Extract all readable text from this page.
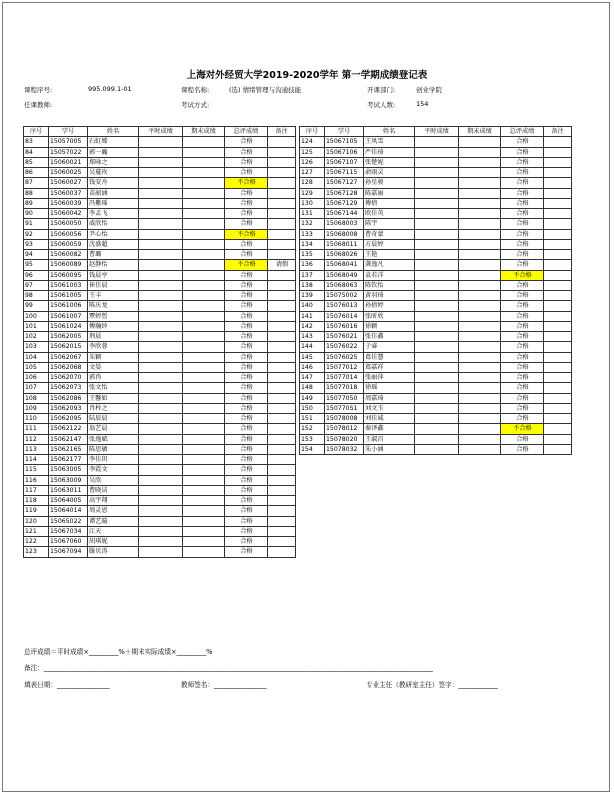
上海对外经贸大学2019-2020学年 第一学期成绩登记表
课程序号:	995.099.1-01	课程名称:	(选) 情绪管理与沟通技能	开课部门:	创业学院
任课教师:	考试方式:	考试人数:	154
序号	学号	姓名	平时成绩	期末成绩	总评成绩	备注
83	15057005	石虹嫦			合格	
84	15057022	郭一巍			合格	
85	15060021	郑咏之			合格	
86	15060025	吴蔓玫			合格	
87	15060027	钱安舟			不合格	
88	15060037	苗韶涵			合格	
89	15060039	冯紫瑶			合格	
90	15060042	李孟飞			合格	
91	15060050	戚欣怡			合格	
92	15060056	尹心怡			不合格	
93	15060059	沈盛超			合格	
94	15060082	曹璐			合格	
95	15060089	赵静怡			不合格	请假
96	15060095	钱晨亭			合格	
97	15061003	崔佳晨			合格	
98	15061005	王丰			合格	
99	15061006	陈庆龙			合格	
100	15061007	覃婷皙			合格	
101	15061024	傅瀚緈			合格	
102	15062005	荆晨			合格	
103	15062015	李欣蓉			合格	
104	15062067	朱颖			合格	
105	15062068	文晏			合格	
106	15062070	郭冉			合格	
107	15062073	张文怡			合格	
108	15062086	王馨如			合格	
109	15062093	肖梓之			合格	
110	15062095	陆辰晨			合格	
111	15062122	翁艺晨			合格	
112	15062147	张逸斌			合格	
113	15062165	陈思敏			合格	
114	15062177	李佳玥			合格	
115	15063005	李霞文			合格	
116	15063009	吴欣			合格	
117	15063011	曹晓洁			合格	
118	15064005	高宇翔			合格	
119	15064014	周灵恩			合格	
120	15065022	谭艺璇			合格	
121	15067034	江天			合格	
122	15067060	胡琪妮			合格	
123	15067094	滕贝涛			合格	
序号	学号	姓名	平时成绩	期末成绩	总评成绩	备注
124	15067105	王凤雪			合格	
125	15067106	严佳琦			合格	
126	15067107	张楚妮			合格	
127	15067115	俞雨灵			合格	
128	15067127	孙星骏			合格	
129	15067128	陈嘉丽			合格	
130	15067129	傅倩			合格	
131	15067144	欧佳英			合格	
132	15068003	陈宇			合格	
133	15068008	曹奇蒙			合格	
134	15068011	方晨婷			合格	
135	15068026	王艳			合格	
136	15068041	龚逸凡			合格	
137	15068049	袁若洋			不合格	
138	15068063	陈钦怡			合格	
139	15075002	黄羽琦			合格	
140	15076013	孙倩婷			合格	
141	15076014	张昕欣			合格	
142	15076016	徐颖			合格	
143	15076021	张佳鑫			合格	
144	15076022	于睿			合格	
145	15076025	葛佳慧			合格	
146	15077012	葛嘉祥			合格	
147	15077014	张丽萍			合格	
148	15077018	徐瑶			合格	
149	15077050	周嘉琦			合格	
150	15077051	刘文玉			合格	
151	15078008	刘佳诚			合格	
152	15078012	秦泽鑫			不合格	
153	15078020	王淑昌			合格	
154	15078032	朱小涵			合格	
总评成绩＝平时成绩×_________%＋期末实际成绩×_________%
备注：______________________________________________________________________________________________________________________
填表日期：________________	教师签名：________________	专业主任（教研室主任）签字：____________
